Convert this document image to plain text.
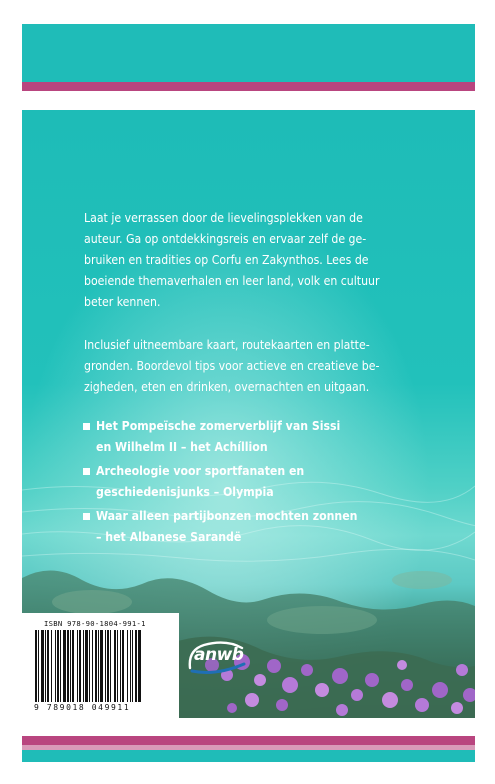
Laat je verrassen door de lievelingsplekken van de
auteur. Ga op ontdekkingsreis en ervaar zelf de ge-
bruiken en tradities op Corfu en Zakynthos. Lees de
boeiende themaverhalen en leer land, volk en cultuur
beter kennen.

Inclusief uitneembare kaart, routekaarten en platte-
gronden. Boordevol tips voor actieve en creatieve be-
zigheden, eten en drinken, overnachten en uitgaan.

Het Pompeïsche zomerverblijf van Sissi
en Wilhelm II – het Achíllion
Archeologie voor sportfanaten en
geschiedenisjunks – Olympia
Waar alleen partijbonzen mochten zonnen
– het Albanese Sarandë
ISBN 978-90-1804-991-1
9 789018 049911
anwb
